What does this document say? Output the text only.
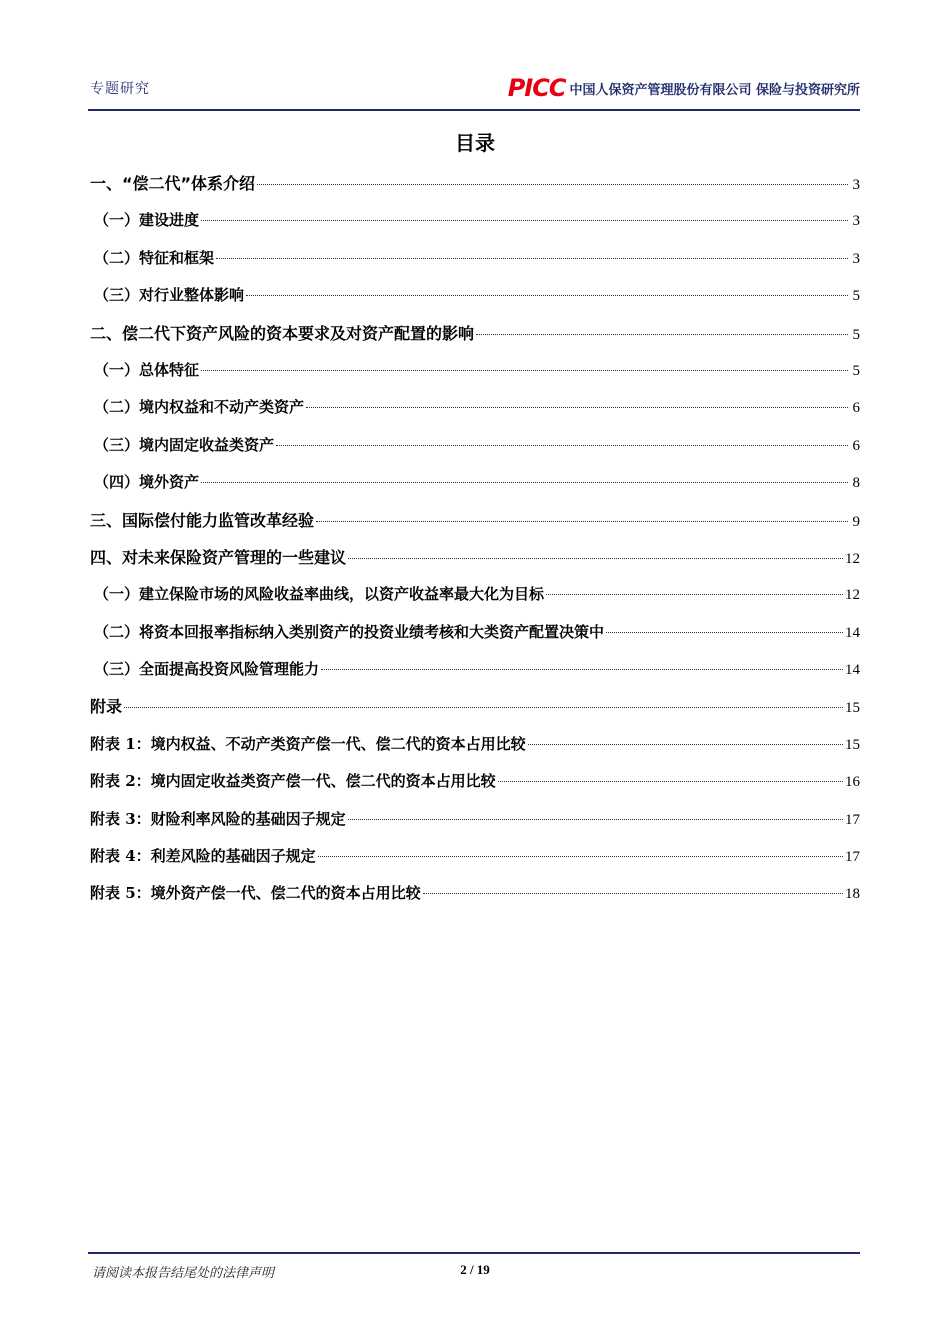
专题研究	PICC 中国人保资产管理股份有限公司 保险与投资研究所
目录
一、“偿二代”体系介绍	3
（一）建设进度	3
（二）特征和框架	3
（三）对行业整体影响	5
二、偿二代下资产风险的资本要求及对资产配置的影响	5
（一）总体特征	5
（二）境内权益和不动产类资产	6
（三）境内固定收益类资产	6
（四）境外资产	8
三、国际偿付能力监管改革经验	9
四、对未来保险资产管理的一些建议	12
（一）建立保险市场的风险收益率曲线，以资产收益率最大化为目标	12
（二）将资本回报率指标纳入类别资产的投资业绩考核和大类资产配置决策中	14
（三）全面提高投资风险管理能力	14
附录	15
附表 1：境内权益、不动产类资产偿一代、偿二代的资本占用比较	15
附表 2：境内固定收益类资产偿一代、偿二代的资本占用比较	16
附表 3：财险利率风险的基础因子规定	17
附表 4：利差风险的基础因子规定	17
附表 5：境外资产偿一代、偿二代的资本占用比较	18
请阅读本报告结尾处的法律声明	2 / 19
